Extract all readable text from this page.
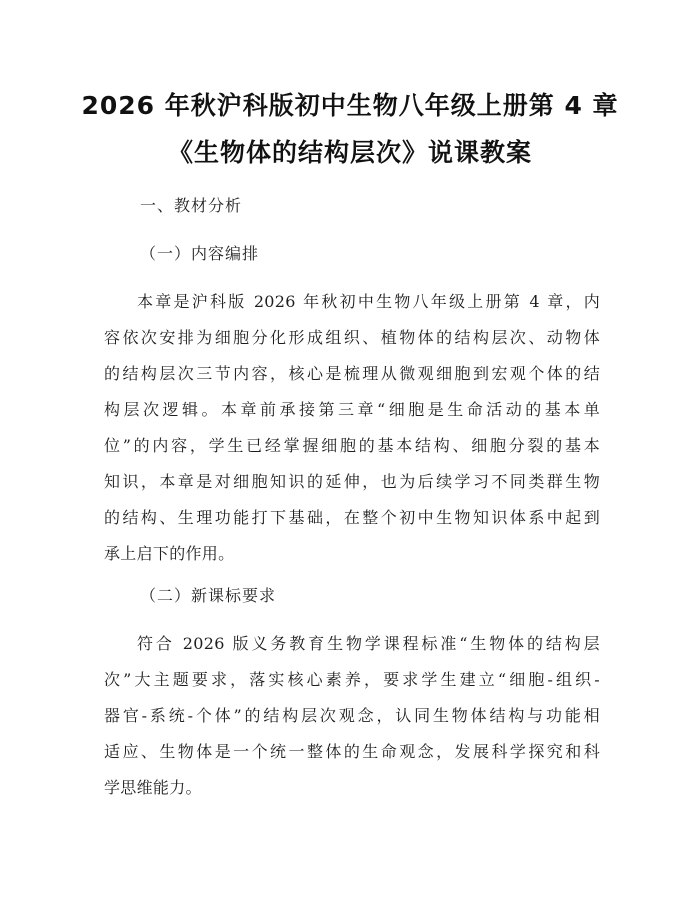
2026 年秋沪科版初中生物八年级上册第 4 章
《生物体的结构层次》说课教案
一、教材分析
（一）内容编排
本章是沪科版 2026 年秋初中生物八年级上册第 4 章，内
容依次安排为细胞分化形成组织、植物体的结构层次、动物体
的结构层次三节内容，核心是梳理从微观细胞到宏观个体的结
构层次逻辑。本章前承接第三章“细胞是生命活动的基本单
位”的内容，学生已经掌握细胞的基本结构、细胞分裂的基本
知识，本章是对细胞知识的延伸，也为后续学习不同类群生物
的结构、生理功能打下基础，在整个初中生物知识体系中起到
承上启下的作用。
（二）新课标要求
符合 2026 版义务教育生物学课程标准“生物体的结构层
次”大主题要求，落实核心素养，要求学生建立“细胞-组织-
器官-系统-个体”的结构层次观念，认同生物体结构与功能相
适应、生物体是一个统一整体的生命观念，发展科学探究和科
学思维能力。
